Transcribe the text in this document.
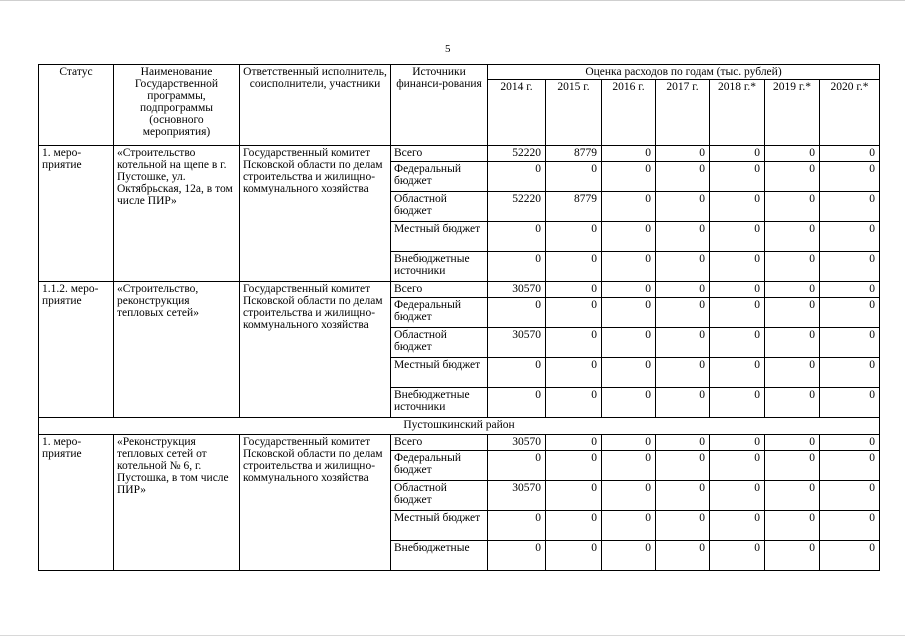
5
Статус	Наименование Государственной программы, подпрограммы (основного мероприятия)	Ответственный исполнитель, соисполнители, участники	Источники финанси-рования	Оценка расходов по годам (тыс. рублей)						
				2014 г.	2015 г.	2016 г.	2017 г.	2018 г.*	2019 г.*	2020 г.*
1. меро-приятие	«Строительство котельной на щепе в г. Пустошке, ул. Октябрьская, 12а, в том числе ПИР»	Государственный комитет Псковской области по делам строительства и жилищно-коммунального хозяйства	Всего	52220	8779	0	0	0	0	0
			Федеральный бюджет	0	0	0	0	0	0	0
			Областной бюджет	52220	8779	0	0	0	0	0
			Местный бюджет	0	0	0	0	0	0	0
			Внебюджетные источники	0	0	0	0	0	0	0
1.1.2. меро-приятие	«Строительство, реконструкция тепловых сетей»	Государственный комитет Псковской области по делам строительства и жилищно-коммунального хозяйства	Всего	30570	0	0	0	0	0	0
			Федеральный бюджет	0	0	0	0	0	0	0
			Областной бюджет	30570	0	0	0	0	0	0
			Местный бюджет	0	0	0	0	0	0	0
			Внебюджетные источники	0	0	0	0	0	0	0
Пустошкинский район										
1. меро-приятие	«Реконструкция тепловых сетей от котельной № 6, г. Пустошка, в том числе ПИР»	Государственный комитет Псковской области по делам строительства и жилищно-коммунального хозяйства	Всего	30570	0	0	0	0	0	0
			Федеральный бюджет	0	0	0	0	0	0	0
			Областной бюджет	30570	0	0	0	0	0	0
			Местный бюджет	0	0	0	0	0	0	0
			Внебюджетные	0	0	0	0	0	0	0
